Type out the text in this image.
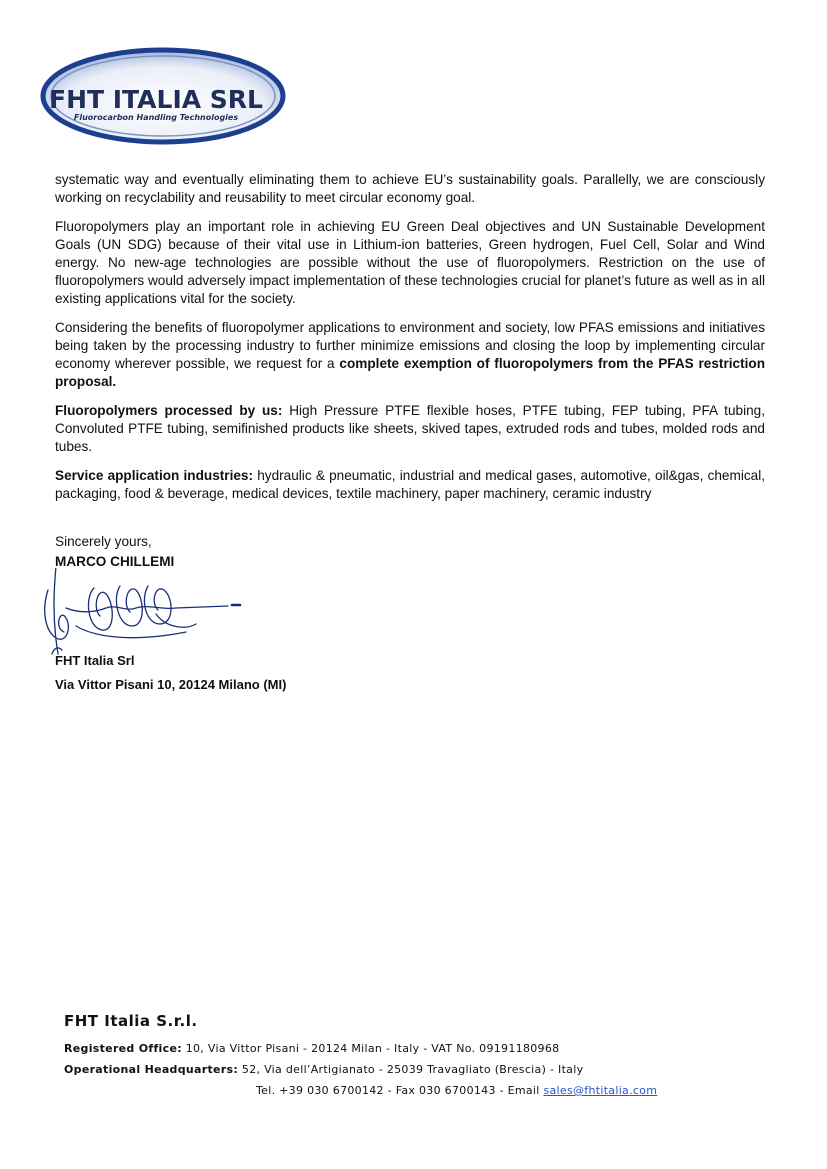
FHT ITALIA SRL
Fluorocarbon Handling Technologies

systematic way and eventually eliminating them to achieve EU’s sustainability goals. Parallelly, we are consciously working on recyclability and reusability to meet circular economy goal.

Fluoropolymers play an important role in achieving EU Green Deal objectives and UN Sustainable Development Goals (UN SDG) because of their vital use in Lithium-ion batteries, Green hydrogen, Fuel Cell, Solar and Wind energy. No new-age technologies are possible without the use of fluoropolymers. Restriction on the use of fluoropolymers would adversely impact implementation of these technologies crucial for planet’s future as well as in all existing applications vital for the society.

Considering the benefits of fluoropolymer applications to environment and society, low PFAS emissions and initiatives being taken by the processing industry to further minimize emissions and closing the loop by implementing circular economy wherever possible, we request for a complete exemption of fluoropolymers from the PFAS restriction proposal.

Fluoropolymers processed by us: High Pressure PTFE flexible hoses, PTFE tubing, FEP tubing, PFA tubing, Convoluted PTFE tubing, semifinished products like sheets, skived tapes, extruded rods and tubes, molded rods and tubes.

Service application industries: hydraulic & pneumatic, industrial and medical gases, automotive, oil&gas, chemical, packaging, food & beverage, medical devices, textile machinery, paper machinery, ceramic industry

Sincerely yours,
MARCO CHILLEMI
FHT Italia Srl
Via Vittor Pisani 10, 20124 Milano (MI)
FHT Italia S.r.l.
Registered Office: 10, Via Vittor Pisani - 20124 Milan - Italy - VAT No. 09191180968
Operational Headquarters: 52, Via dell’Artigianato - 25039 Travagliato (Brescia) - Italy
Tel. +39 030 6700142 - Fax 030 6700143 - Email sales@fhtitalia.com
